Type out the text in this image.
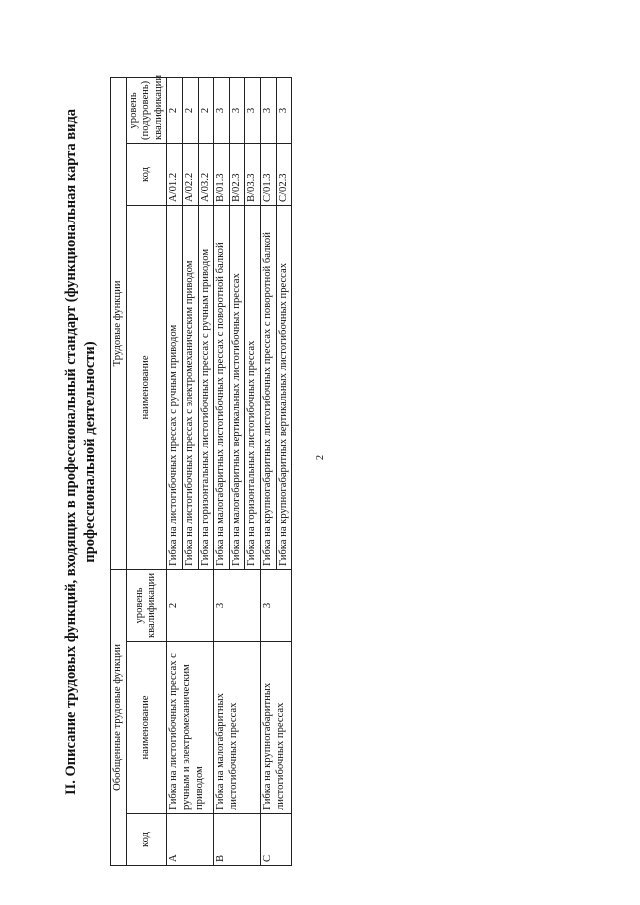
2
II. Описание трудовых функций, входящих в профессиональный стандарт (функциональная карта вида профессиональной деятельности)
Обобщенные трудовые функции			Трудовые функции		
код	наименование	уровень квалификации	наименование	код	уровень (подуровень) квалификации
A	Гибка на листогибочных прессах с ручным и электромеханическим приводом	2	Гибка на листогибочных прессах с ручным приводом	A/01.2	2
			Гибка на листогибочных прессах с электромеханическим приводом	A/02.2	2
			Гибка на горизонтальных листогибочных прессах с ручным приводом	A/03.2	2
B	Гибка на малогабаритных листогибочных прессах	3	Гибка на малогабаритных листогибочных прессах с поворотной балкой	B/01.3	3
			Гибка на малогабаритных вертикальных листогибочных прессах	B/02.3	3
			Гибка на горизонтальных листогибочных прессах	B/03.3	3
C	Гибка на крупногабаритных листогибочных прессах	3	Гибка на крупногабаритных листогибочных прессах с поворотной балкой	C/01.3	3
			Гибка на крупногабаритных вертикальных листогибочных прессах	C/02.3	3
